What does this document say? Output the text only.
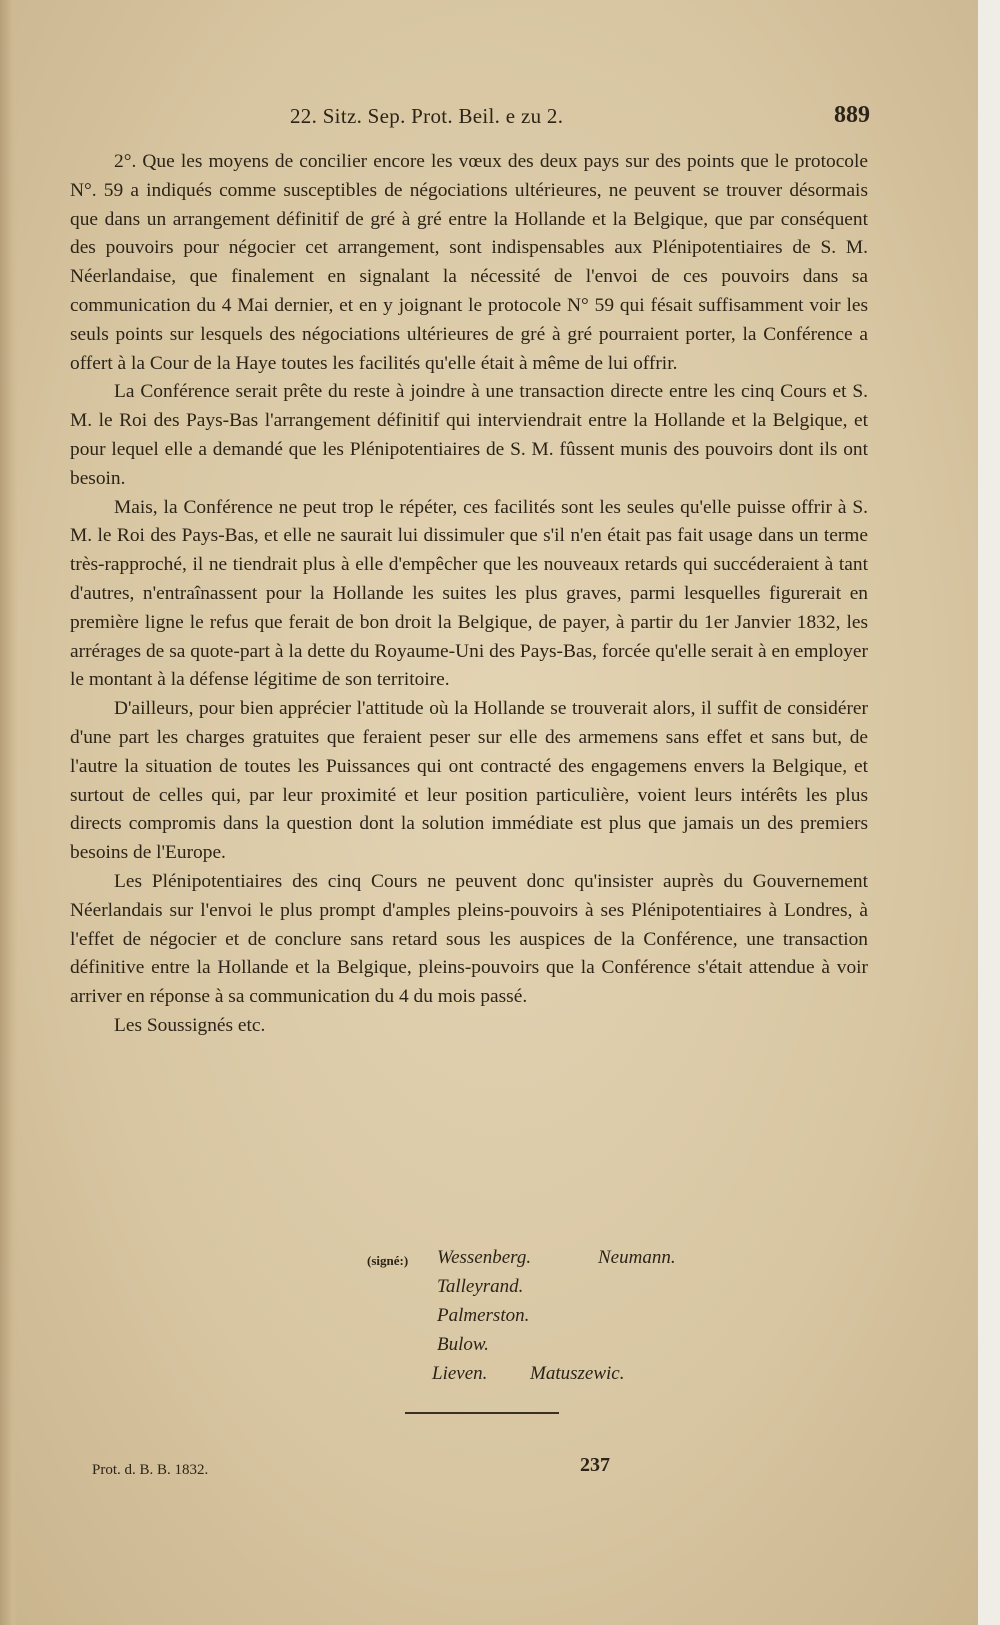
22. Sitz. Sep. Prot. Beil. e zu 2.	889

2°. Que les moyens de concilier encore les vœux des deux pays sur des points que le protocole N°. 59 a indiqués comme susceptibles de négociations ultérieures, ne peuvent se trouver désormais que dans un arrangement définitif de gré à gré entre la Hollande et la Belgique, que par conséquent des pouvoirs pour négocier cet arrangement, sont indispensables aux Plénipotentiaires de S. M. Néerlandaise, que finalement en signalant la nécessité de l'envoi de ces pouvoirs dans sa communication du 4 Mai dernier, et en y joignant le protocole N° 59 qui fésait suffisamment voir les seuls points sur lesquels des négociations ultérieures de gré à gré pourraient porter, la Conférence a offert à la Cour de la Haye toutes les facilités qu'elle était à même de lui offrir.

La Conférence serait prête du reste à joindre à une transaction directe entre les cinq Cours et S. M. le Roi des Pays-Bas l'arrangement définitif qui interviendrait entre la Hollande et la Belgique, et pour lequel elle a demandé que les Plénipotentiaires de S. M. fûssent munis des pouvoirs dont ils ont besoin.

Mais, la Conférence ne peut trop le répéter, ces facilités sont les seules qu'elle puisse offrir à S. M. le Roi des Pays-Bas, et elle ne saurait lui dissimuler que s'il n'en était pas fait usage dans un terme très-rapproché, il ne tiendrait plus à elle d'empêcher que les nouveaux retards qui succéderaient à tant d'autres, n'entraînassent pour la Hollande les suites les plus graves, parmi lesquelles figurerait en première ligne le refus que ferait de bon droit la Belgique, de payer, à partir du 1er Janvier 1832, les arrérages de sa quote-part à la dette du Royaume-Uni des Pays-Bas, forcée qu'elle serait à en employer le montant à la défense légitime de son territoire.

D'ailleurs, pour bien apprécier l'attitude où la Hollande se trouverait alors, il suffit de considérer d'une part les charges gratuites que feraient peser sur elle des armemens sans effet et sans but, de l'autre la situation de toutes les Puissances qui ont contracté des engagemens envers la Belgique, et surtout de celles qui, par leur proximité et leur position particulière, voient leurs intérêts les plus directs compromis dans la question dont la solution immédiate est plus que jamais un des premiers besoins de l'Europe.

Les Plénipotentiaires des cinq Cours ne peuvent donc qu'insister auprès du Gouvernement Néerlandais sur l'envoi le plus prompt d'amples pleins-pouvoirs à ses Plénipotentiaires à Londres, à l'effet de négocier et de conclure sans retard sous les auspices de la Conférence, une transaction définitive entre la Hollande et la Belgique, pleins-pouvoirs que la Conférence s'était attendue à voir arriver en réponse à sa communication du 4 du mois passé.

Les Soussignés etc.

(signé:) Wessenberg.	Neumann.
Talleyrand.
Palmerston.
Bulow.
Lieven. Matuszewic.
Prot. d. B. B. 1832.	237
